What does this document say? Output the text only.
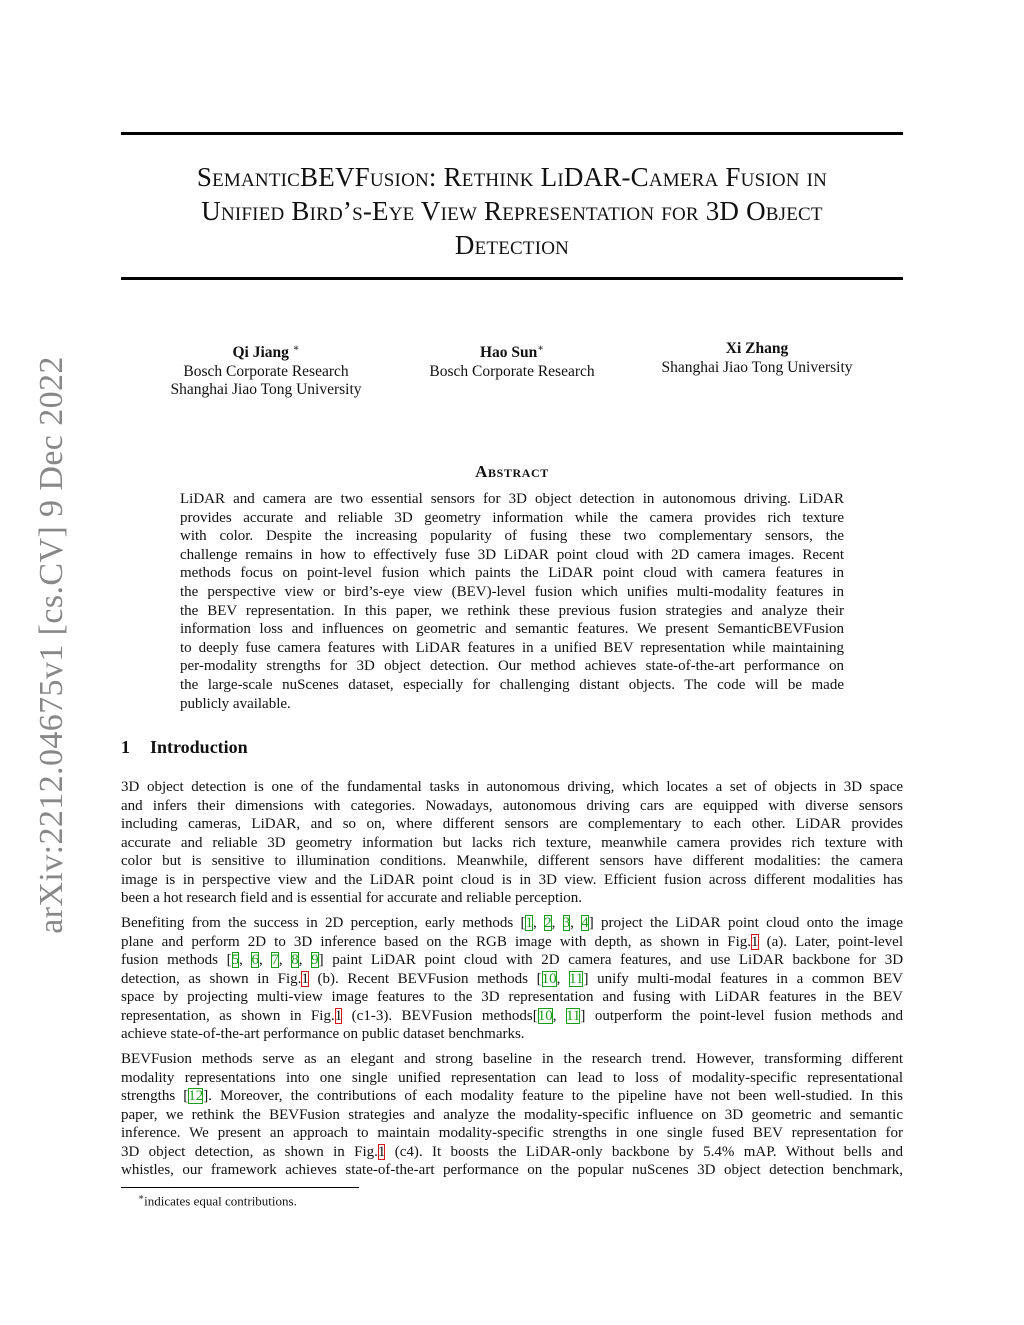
arXiv:2212.04675v1 [cs.CV] 9 Dec 2022
SemanticBEVFusion: Rethink LiDAR-Camera Fusion in
Unified Bird’s-Eye View Representation for 3D Object
Detection
Qi Jiang ∗
Bosch Corporate Research
Shanghai Jiao Tong University
Hao Sun∗
Bosch Corporate Research
Xi Zhang
Shanghai Jiao Tong University
Abstract
LiDAR and camera are two essential sensors for 3D object detection in autonomous driving. LiDAR
provides accurate and reliable 3D geometry information while the camera provides rich texture
with color. Despite the increasing popularity of fusing these two complementary sensors, the
challenge remains in how to effectively fuse 3D LiDAR point cloud with 2D camera images. Recent
methods focus on point-level fusion which paints the LiDAR point cloud with camera features in
the perspective view or bird’s-eye view (BEV)-level fusion which unifies multi-modality features in
the BEV representation. In this paper, we rethink these previous fusion strategies and analyze their
information loss and influences on geometric and semantic features. We present SemanticBEVFusion
to deeply fuse camera features with LiDAR features in a unified BEV representation while maintaining
per-modality strengths for 3D object detection. Our method achieves state-of-the-art performance on
the large-scale nuScenes dataset, especially for challenging distant objects. The code will be made
publicly available.
1 Introduction
3D object detection is one of the fundamental tasks in autonomous driving, which locates a set of objects in 3D space
and infers their dimensions with categories. Nowadays, autonomous driving cars are equipped with diverse sensors
including cameras, LiDAR, and so on, where different sensors are complementary to each other. LiDAR provides
accurate and reliable 3D geometry information but lacks rich texture, meanwhile camera provides rich texture with
color but is sensitive to illumination conditions. Meanwhile, different sensors have different modalities: the camera
image is in perspective view and the LiDAR point cloud is in 3D view. Efficient fusion across different modalities has
been a hot research field and is essential for accurate and reliable perception.
Benefiting from the success in 2D perception, early methods [1, 2, 3, 4] project the LiDAR point cloud onto the image
plane and perform 2D to 3D inference based on the RGB image with depth, as shown in Fig.1 (a). Later, point-level
fusion methods [5, 6, 7, 8, 9] paint LiDAR point cloud with 2D camera features, and use LiDAR backbone for 3D
detection, as shown in Fig.1 (b). Recent BEVFusion methods [10, 11] unify multi-modal features in a common BEV
space by projecting multi-view image features to the 3D representation and fusing with LiDAR features in the BEV
representation, as shown in Fig.1 (c1-3). BEVFusion methods[10, 11] outperform the point-level fusion methods and
achieve state-of-the-art performance on public dataset benchmarks.
BEVFusion methods serve as an elegant and strong baseline in the research trend. However, transforming different
modality representations into one single unified representation can lead to loss of modality-specific representational
strengths [12]. Moreover, the contributions of each modality feature to the pipeline have not been well-studied. In this
paper, we rethink the BEVFusion strategies and analyze the modality-specific influence on 3D geometric and semantic
inference. We present an approach to maintain modality-specific strengths in one single fused BEV representation for
3D object detection, as shown in Fig.1 (c4). It boosts the LiDAR-only backbone by 5.4% mAP. Without bells and
whistles, our framework achieves state-of-the-art performance on the popular nuScenes 3D object detection benchmark,
∗indicates equal contributions.
